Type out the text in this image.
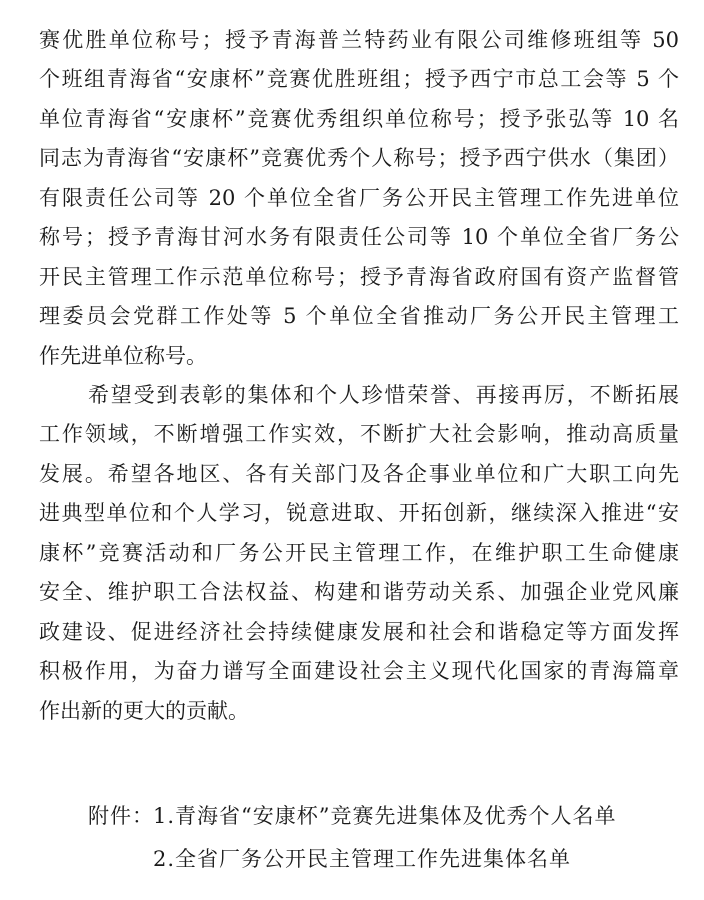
赛优胜单位称号；授予青海普兰特药业有限公司维修班组等 50
个班组青海省“安康杯”竞赛优胜班组；授予西宁市总工会等 5 个
单位青海省“安康杯”竞赛优秀组织单位称号；授予张弘等 10 名
同志为青海省“安康杯”竞赛优秀个人称号；授予西宁供水（集团）
有限责任公司等 20 个单位全省厂务公开民主管理工作先进单位
称号；授予青海甘河水务有限责任公司等 10 个单位全省厂务公
开民主管理工作示范单位称号；授予青海省政府国有资产监督管
理委员会党群工作处等 5 个单位全省推动厂务公开民主管理工
作先进单位称号。
希望受到表彰的集体和个人珍惜荣誉、再接再厉，不断拓展
工作领域，不断增强工作实效，不断扩大社会影响，推动高质量
发展。希望各地区、各有关部门及各企事业单位和广大职工向先
进典型单位和个人学习，锐意进取、开拓创新，继续深入推进“安
康杯”竞赛活动和厂务公开民主管理工作，在维护职工生命健康
安全、维护职工合法权益、构建和谐劳动关系、加强企业党风廉
政建设、促进经济社会持续健康发展和社会和谐稳定等方面发挥
积极作用，为奋力谱写全面建设社会主义现代化国家的青海篇章
作出新的更大的贡献。
附件： 1.青海省“安康杯”竞赛先进集体及优秀个人名单
2.全省厂务公开民主管理工作先进集体名单
